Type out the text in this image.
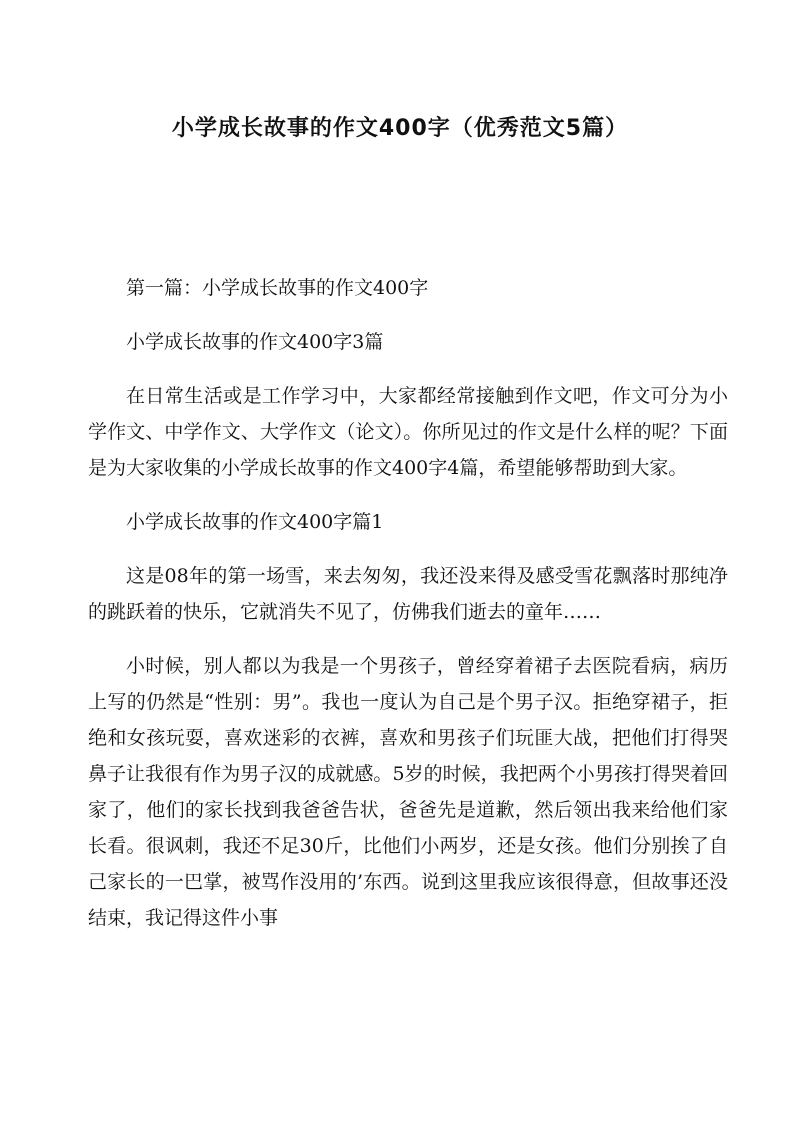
小学成长故事的作文400字（优秀范文5篇）

第一篇：小学成长故事的作文400字

小学成长故事的作文400字3篇

在日常生活或是工作学习中，大家都经常接触到作文吧，作文可分为小学作文、中学作文、大学作文（论文）。你所见过的作文是什么样的呢？下面是为大家收集的小学成长故事的作文400字4篇，希望能够帮助到大家。

小学成长故事的作文400字篇1

这是08年的第一场雪，来去匆匆，我还没来得及感受雪花飘落时那纯净的跳跃着的快乐，它就消失不见了，仿佛我们逝去的童年……

小时候，别人都以为我是一个男孩子，曾经穿着裙子去医院看病，病历上写的仍然是“性别：男”。我也一度认为自己是个男子汉。拒绝穿裙子，拒绝和女孩玩耍，喜欢迷彩的衣裤，喜欢和男孩子们玩匪大战，把他们打得哭鼻子让我很有作为男子汉的成就感。5岁的时候，我把两个小男孩打得哭着回家了，他们的家长找到我爸爸告状，爸爸先是道歉，然后领出我来给他们家长看。很讽刺，我还不足30斤，比他们小两岁，还是女孩。他们分别挨了自己家长的一巴掌，被骂作没用的’东西。说到这里我应该很得意，但故事还没结束，我记得这件小事
